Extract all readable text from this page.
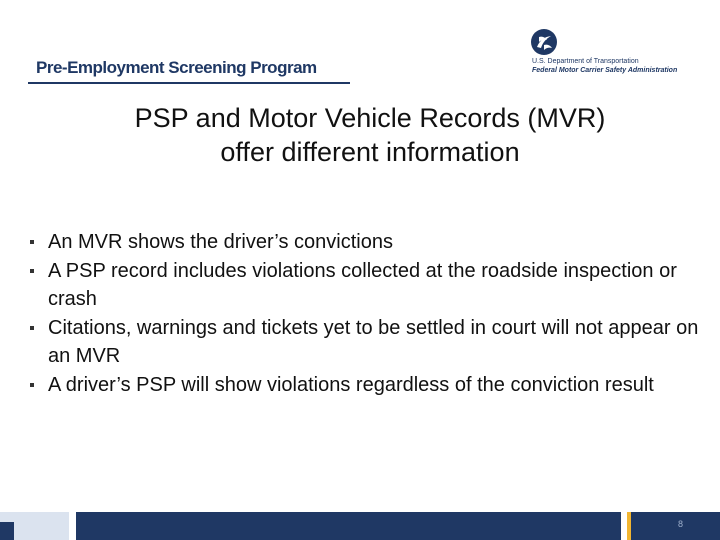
Pre-Employment Screening Program	U.S. Department of Transportation
Federal Motor Carrier Safety Administration
PSP and Motor Vehicle Records (MVR)
offer different information
An MVR shows the driver’s convictions
A PSP record includes violations collected at the roadside inspection or crash
Citations, warnings and tickets yet to be settled in court will not appear on an MVR
A driver’s PSP will show violations regardless of the conviction result
8
